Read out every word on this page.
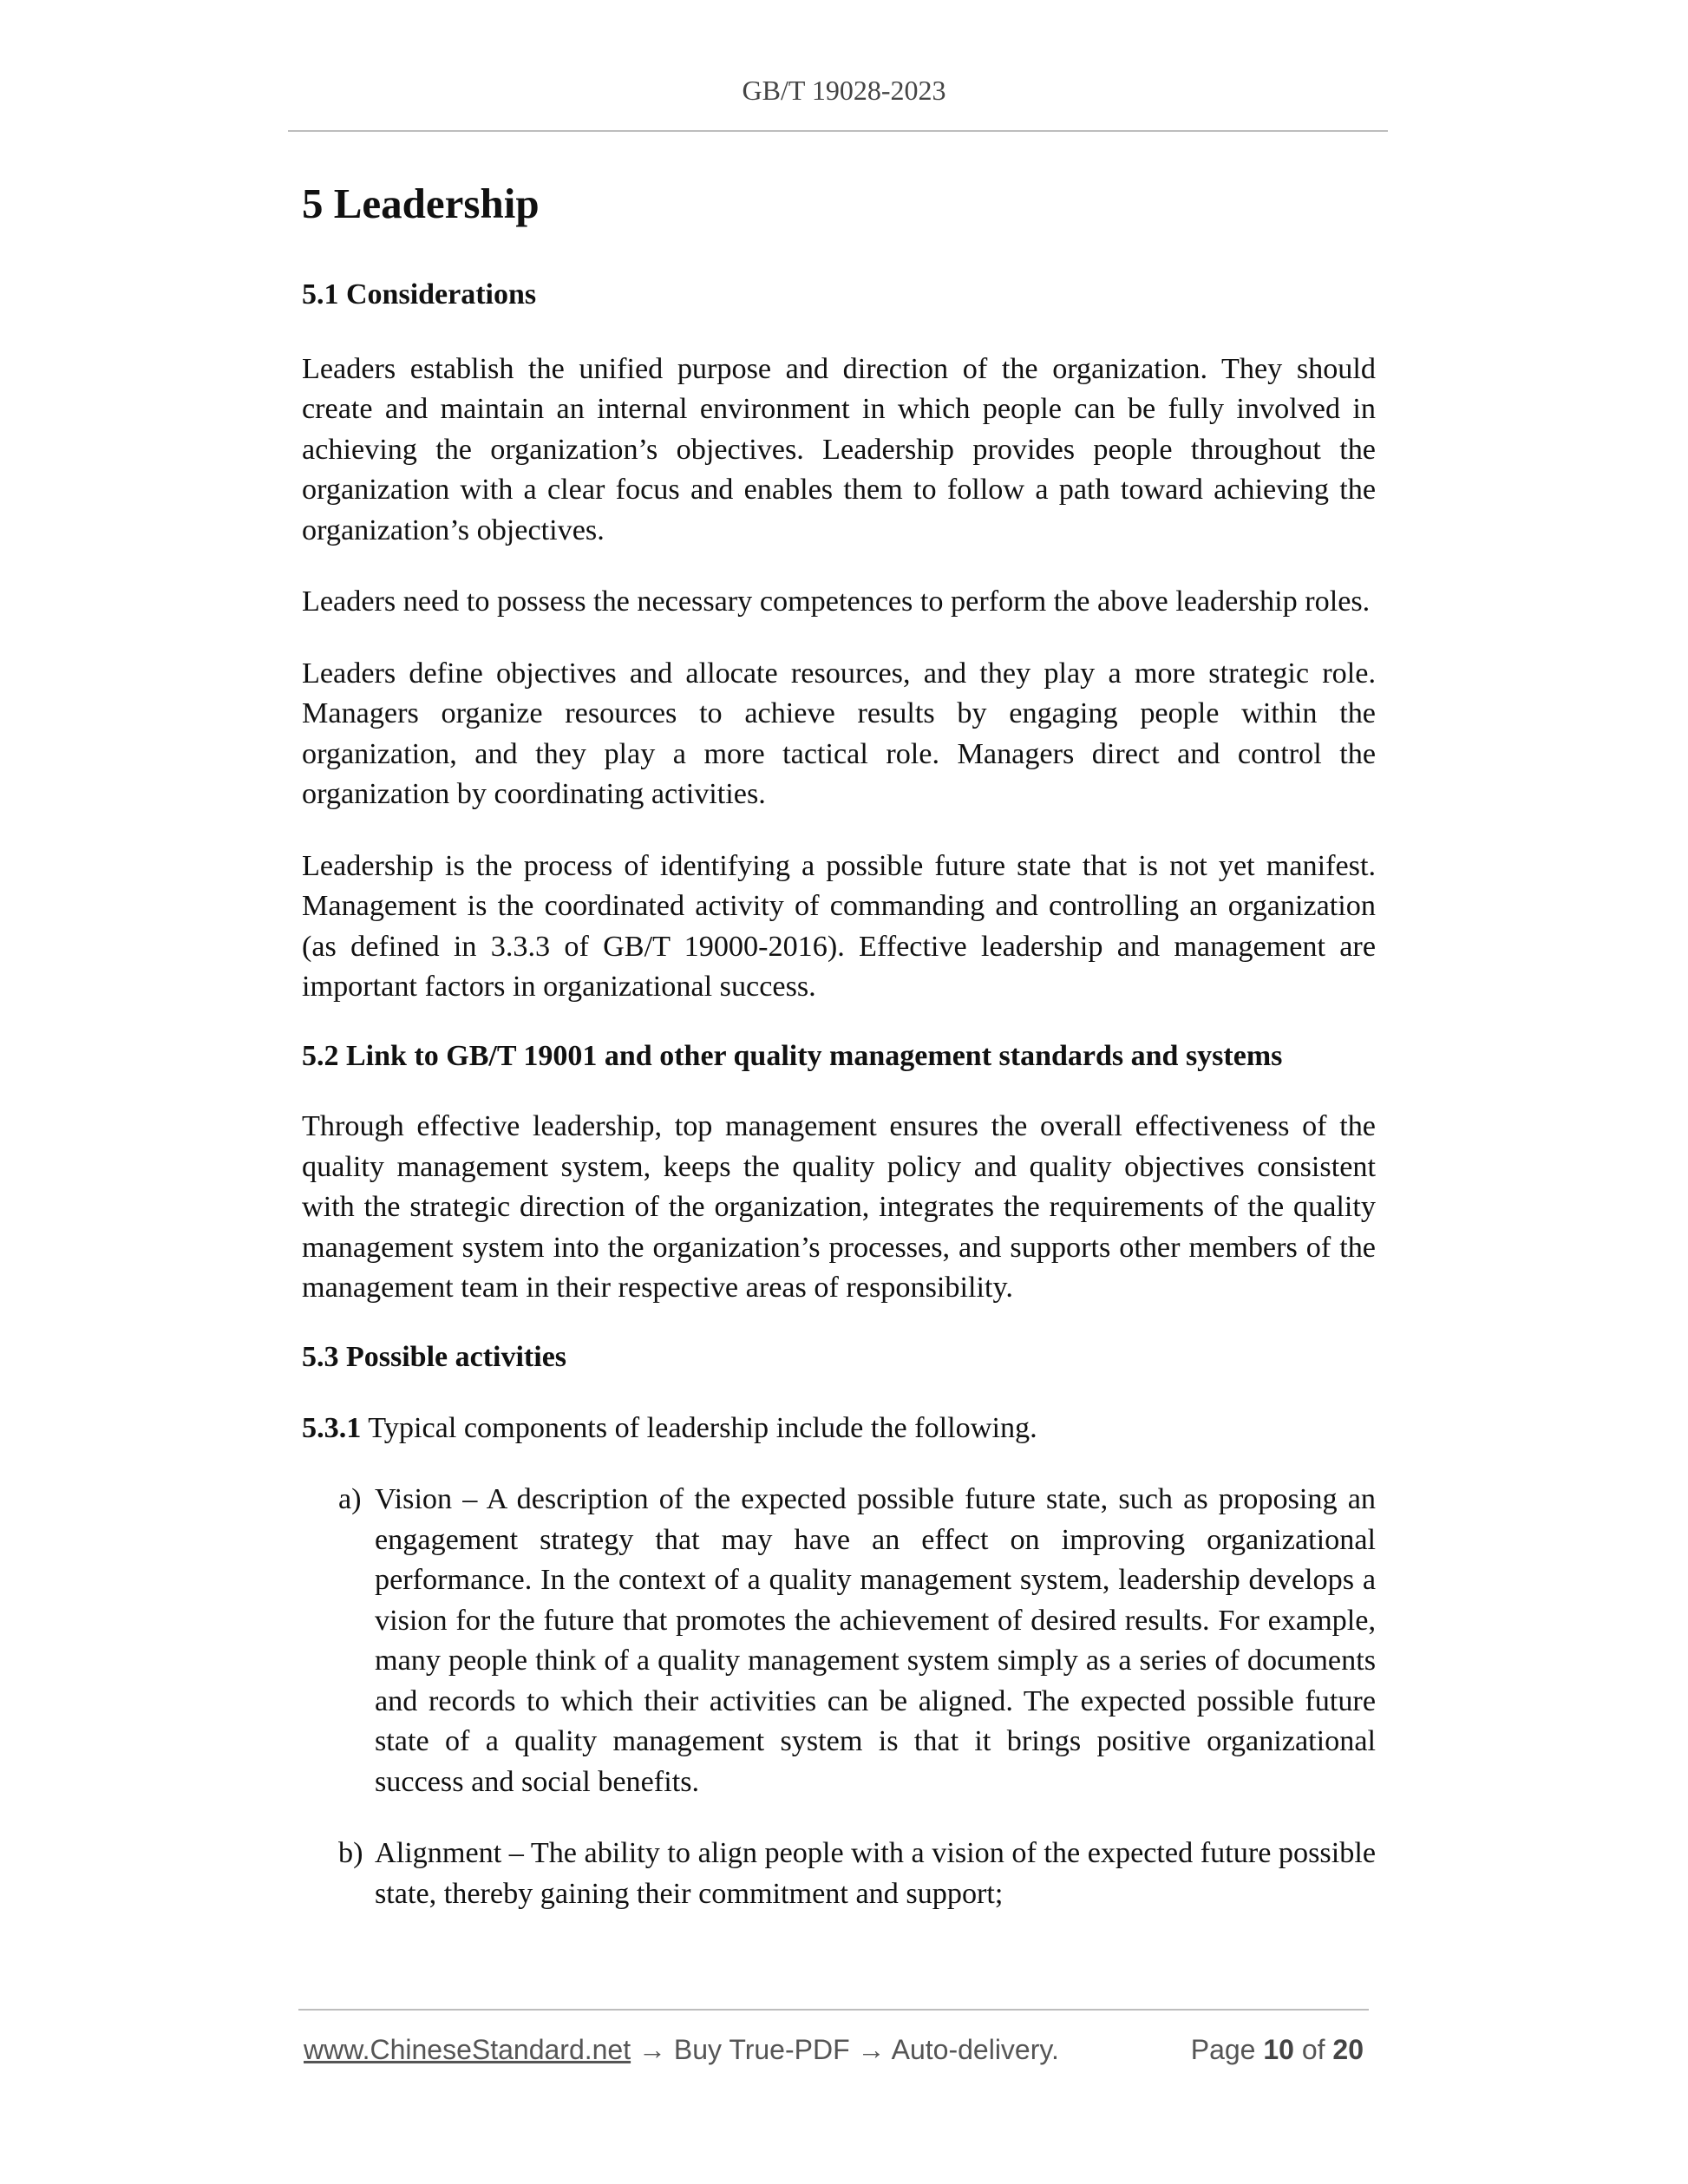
GB/T 19028-2023
5 Leadership
5.1 Considerations

Leaders establish the unified purpose and direction of the organization. They should create and maintain an internal environment in which people can be fully involved in achieving the organization’s objectives. Leadership provides people throughout the organization with a clear focus and enables them to follow a path toward achieving the organization’s objectives.

Leaders need to possess the necessary competences to perform the above leadership roles.

Leaders define objectives and allocate resources, and they play a more strategic role. Managers organize resources to achieve results by engaging people within the organization, and they play a more tactical role. Managers direct and control the organization by coordinating activities.

Leadership is the process of identifying a possible future state that is not yet manifest. Management is the coordinated activity of commanding and controlling an organization (as defined in 3.3.3 of GB/T 19000-2016). Effective leadership and management are important factors in organizational success.

5.2 Link to GB/T 19001 and other quality management standards and systems

Through effective leadership, top management ensures the overall effectiveness of the quality management system, keeps the quality policy and quality objectives consistent with the strategic direction of the organization, integrates the requirements of the quality management system into the organization’s processes, and supports other members of the management team in their respective areas of responsibility.

5.3 Possible activities

5.3.1 Typical components of leadership include the following.

a) Vision – A description of the expected possible future state, such as proposing an engagement strategy that may have an effect on improving organizational performance. In the context of a quality management system, leadership develops a vision for the future that promotes the achievement of desired results. For example, many people think of a quality management system simply as a series of documents and records to which their activities can be aligned. The expected possible future state of a quality management system is that it brings positive organizational success and social benefits.
b) Alignment – The ability to align people with a vision of the expected future possible state, thereby gaining their commitment and support;
www.ChineseStandard.net → Buy True-PDF → Auto-delivery.	Page 10 of 20
